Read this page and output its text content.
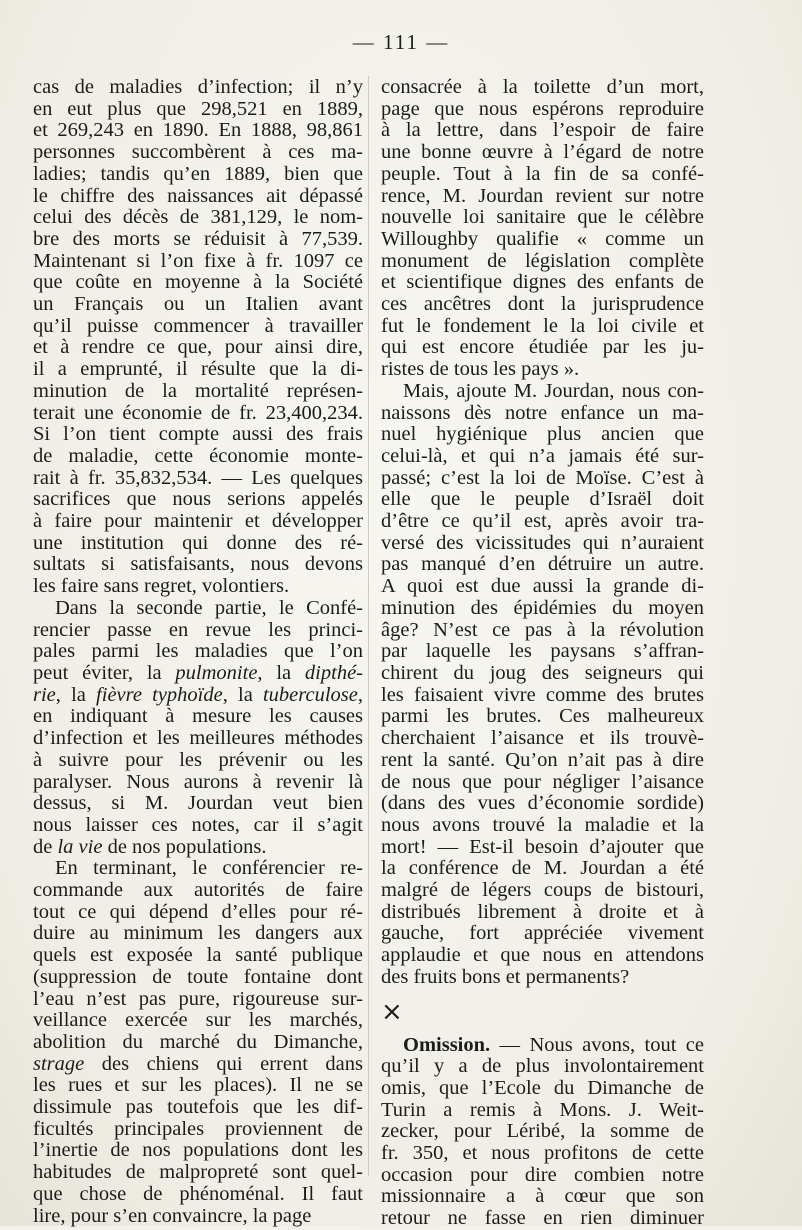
— 111 —
cas de maladies d’infection; il n’y
en eut plus que 298,521 en 1889,
et 269,243 en 1890. En 1888, 98,861
personnes succombèrent à ces ma-
ladies; tandis qu’en 1889, bien que
le chiffre des naissances ait dépassé
celui des décès de 381,129, le nom-
bre des morts se réduisit à 77,539.
Maintenant si l’on fixe à fr. 1097 ce
que coûte en moyenne à la Société
un Français ou un Italien avant
qu’il puisse commencer à travailler
et à rendre ce que, pour ainsi dire,
il a emprunté, il résulte que la di-
minution de la mortalité représen-
terait une économie de fr. 23,400,234.
Si l’on tient compte aussi des frais
de maladie, cette économie monte-
rait à fr. 35,832,534. — Les quelques
sacrifices que nous serions appelés
à faire pour maintenir et développer
une institution qui donne des ré-
sultats si satisfaisants, nous devons
les faire sans regret, volontiers.
Dans la seconde partie, le Confé-
rencier passe en revue les princi-
pales parmi les maladies que l’on
peut éviter, la pulmonite, la dipthé-
rie, la fièvre typhoïde, la tuberculose,
en indiquant à mesure les causes
d’infection et les meilleures méthodes
à suivre pour les prévenir ou les
paralyser. Nous aurons à revenir là
dessus, si M. Jourdan veut bien
nous laisser ces notes, car il s’agit
de la vie de nos populations.
En terminant, le conférencier re-
commande aux autorités de faire
tout ce qui dépend d’elles pour ré-
duire au minimum les dangers aux
quels est exposée la santé publique
(suppression de toute fontaine dont
l’eau n’est pas pure, rigoureuse sur-
veillance exercée sur les marchés,
abolition du marché du Dimanche,
strage des chiens qui errent dans
les rues et sur les places). Il ne se
dissimule pas toutefois que les dif-
ficultés principales proviennent de
l’inertie de nos populations dont les
habitudes de malpropreté sont quel-
que chose de phénoménal. Il faut
lire, pour s’en convaincre, la page
consacrée à la toilette d’un mort,
page que nous espérons reproduire
à la lettre, dans l’espoir de faire
une bonne œuvre à l’égard de notre
peuple. Tout à la fin de sa confé-
rence, M. Jourdan revient sur notre
nouvelle loi sanitaire que le célèbre
Willoughby qualifie « comme un
monument de législation complète
et scientifique dignes des enfants de
ces ancêtres dont la jurisprudence
fut le fondement le la loi civile et
qui est encore étudiée par les ju-
ristes de tous les pays ».
Mais, ajoute M. Jourdan, nous con-
naissons dès notre enfance un ma-
nuel hygiénique plus ancien que
celui-là, et qui n’a jamais été sur-
passé; c’est la loi de Moïse. C’est à
elle que le peuple d’Israël doit
d’être ce qu’il est, après avoir tra-
versé des vicissitudes qui n’auraient
pas manqué d’en détruire un autre.
A quoi est due aussi la grande di-
minution des épidémies du moyen
âge? N’est ce pas à la révolution
par laquelle les paysans s’affran-
chirent du joug des seigneurs qui
les faisaient vivre comme des brutes
parmi les brutes. Ces malheureux
cherchaient l’aisance et ils trouvè-
rent la santé. Qu’on n’ait pas à dire
de nous que pour négliger l’aisance
(dans des vues d’économie sordide)
nous avons trouvé la maladie et la
mort! — Est-il besoin d’ajouter que
la conférence de M. Jourdan a été
malgré de légers coups de bistouri,
distribués librement à droite et à
gauche, fort appréciée vivement
applaudie et que nous en attendons
des fruits bons et permanents?
×
Omission. — Nous avons, tout ce
qu’il y a de plus involontairement
omis, que l’Ecole du Dimanche de
Turin a remis à Mons. J. Weit-
zecker, pour Léribé, la somme de
fr. 350, et nous profitons de cette
occasion pour dire combien notre
missionnaire a à cœur que son
retour ne fasse en rien diminuer
